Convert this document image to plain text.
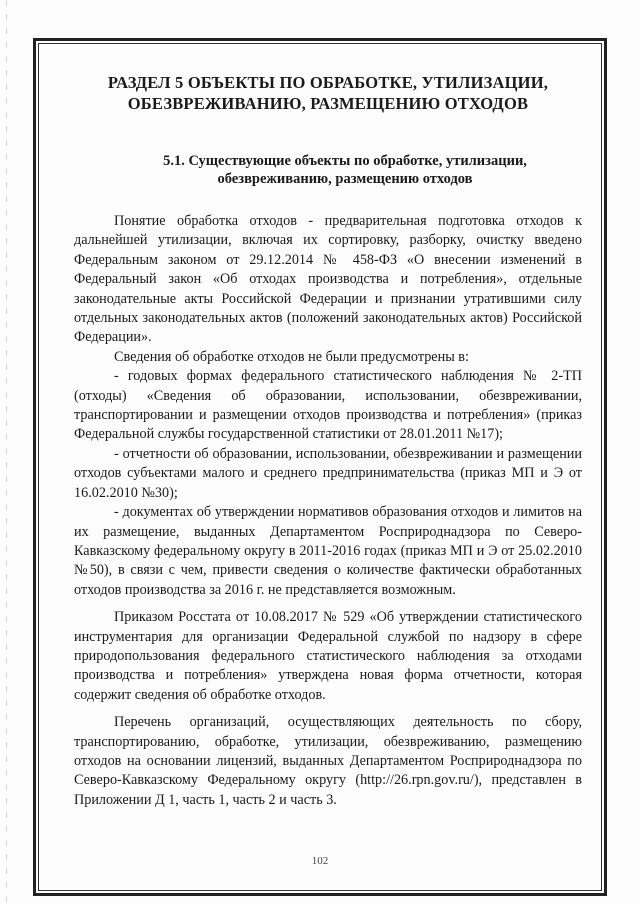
РАЗДЕЛ 5 ОБЪЕКТЫ ПО ОБРАБОТКЕ, УТИЛИЗАЦИИ,
ОБЕЗВРЕЖИВАНИЮ, РАЗМЕЩЕНИЮ ОТХОДОВ
5.1. Существующие объекты по обработке, утилизации,
обезвреживанию, размещению отходов

Понятие обработка отходов - предварительная подготовка отходов к дальнейшей утилизации, включая их сортировку, разборку, очистку введено Федеральным законом от 29.12.2014 № 458-ФЗ «О внесении изменений в Федеральный закон «Об отходах производства и потребления», отдельные законодательные акты Российской Федерации и признании утратившими силу отдельных законодательных актов (положений законодательных актов) Российской Федерации».

Сведения об обработке отходов не были предусмотрены в:

- годовых формах федерального статистического наблюдения № 2-ТП (отходы) «Сведения об образовании, использовании, обезвреживании, транспортировании и размещении отходов производства и потребления» (приказ Федеральной службы государственной статистики от 28.01.2011 №17);

- отчетности об образовании, использовании, обезвреживании и размещении отходов субъектами малого и среднего предпринимательства (приказ МП и Э от 16.02.2010 №30);

- документах об утверждении нормативов образования отходов и лимитов на их размещение, выданных Департаментом Росприроднадзора по Северо-Кавказскому федеральному округу в 2011-2016 годах (приказ МП и Э от 25.02.2010 №50), в связи с чем, привести сведения о количестве фактически обработанных отходов производства за 2016 г. не представляется возможным.

Приказом Росстата от 10.08.2017 № 529 «Об утверждении статистического инструментария для организации Федеральной службой по надзору в сфере природопользования федерального статистического наблюдения за отходами производства и потребления» утверждена новая форма отчетности, которая содержит сведения об обработке отходов.

Перечень организаций, осуществляющих деятельность по сбору, транспортированию, обработке, утилизации, обезвреживанию, размещению отходов на основании лицензий, выданных Департаментом Росприроднадзора по Северо-Кавказскому Федеральному округу (http://26.rpn.gov.ru/), представлен в Приложении Д 1, часть 1, часть 2 и часть 3.

102
